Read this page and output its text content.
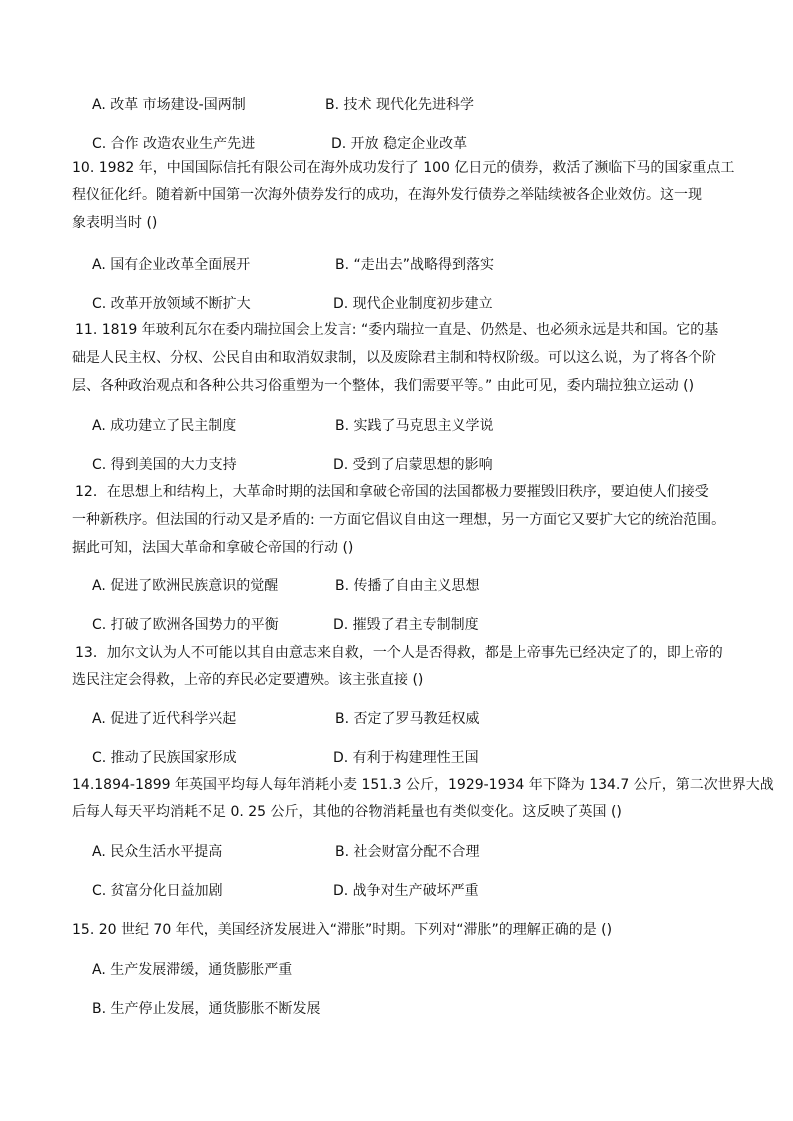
A. 改革 市场建设-国两制	B. 技术 现代化先进科学
C. 合作 改造农业生产先进	D. 开放 稳定企业改革
10. 1982 年，中国国际信托有限公司在海外成功发行了 100 亿日元的债券，救活了濒临下马的国家重点工
程仪征化纤。随着新中国第一次海外债券发行的成功，在海外发行债券之举陆续被各企业效仿。这一现
象表明当时 ()
A. 国有企业改革全面展开	B. “走出去”战略得到落实
C. 改革开放领域不断扩大	D. 现代企业制度初步建立
11. 1819 年玻利瓦尔在委内瑞拉国会上发言: “委内瑞拉一直是、仍然是、也必须永远是共和国。它的基
础是人民主权、分权、公民自由和取消奴隶制，以及废除君主制和特权阶级。可以这么说，为了将各个阶
层、各种政治观点和各种公共习俗重塑为一个整体，我们需要平等。” 由此可见，委内瑞拉独立运动 ()
A. 成功建立了民主制度	B. 实践了马克思主义学说
C. 得到美国的大力支持	D. 受到了启蒙思想的影响
12．在思想上和结构上，大革命时期的法国和拿破仑帝国的法国都极力要摧毁旧秩序，要迫使人们接受
一种新秩序。但法国的行动又是矛盾的: 一方面它倡议自由这一理想，另一方面它又要扩大它的统治范围。
据此可知，法国大革命和拿破仑帝国的行动 ()
A. 促进了欧洲民族意识的觉醒	B. 传播了自由主义思想
C. 打破了欧洲各国势力的平衡	D. 摧毁了君主专制制度
13．加尔文认为人不可能以其自由意志来自救，一个人是否得救，都是上帝事先已经决定了的，即上帝的
选民注定会得救，上帝的弃民必定要遭殃。该主张直接 ()
A. 促进了近代科学兴起	B. 否定了罗马教廷权威
C. 推动了民族国家形成	D. 有利于构建理性王国
14.1894-1899 年英国平均每人每年消耗小麦 151.3 公斤，1929-1934 年下降为 134.7 公斤，第二次世界大战
后每人每天平均消耗不足 0. 25 公斤，其他的谷物消耗量也有类似变化。这反映了英国 ()
A. 民众生活水平提高	B. 社会财富分配不合理
C. 贫富分化日益加剧	D. 战争对生产破坏严重
15. 20 世纪 70 年代，美国经济发展进入“滞胀”时期。下列对“滞胀”的理解正确的是 ()
A. 生产发展滞缓，通货膨胀严重
B. 生产停止发展，通货膨胀不断发展
